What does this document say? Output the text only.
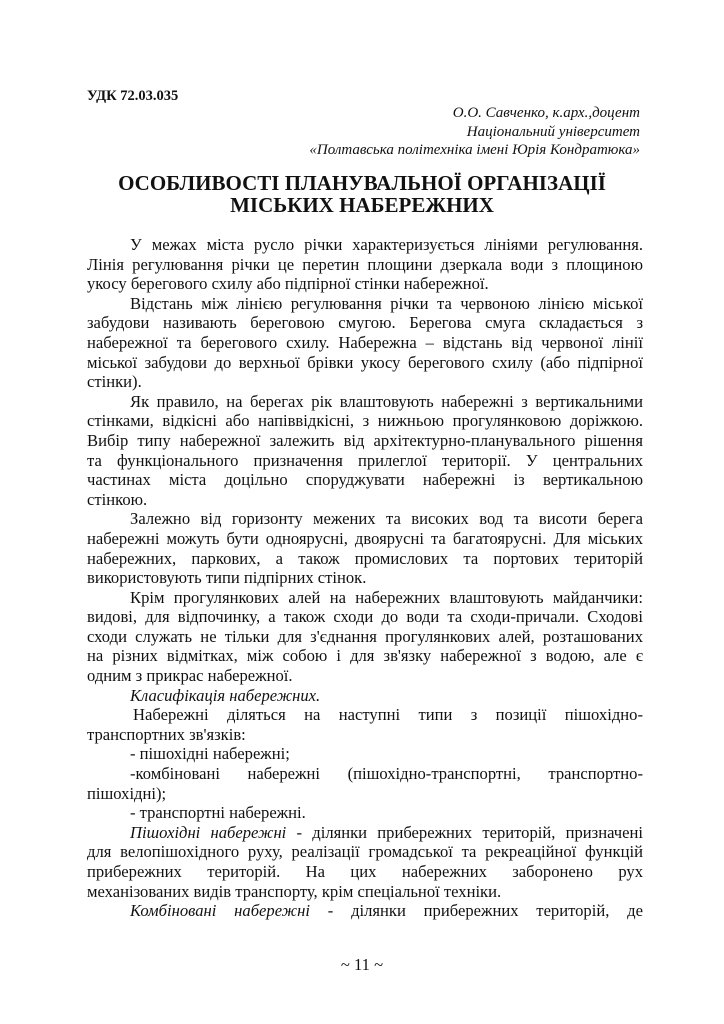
УДК 72.03.035
О.О. Савченко, к.арх.,доцент
Національний університет
«Полтавська політехніка імені Юрія Кондратюка»
ОСОБЛИВОСТІ ПЛАНУВАЛЬНОЇ ОРГАНІЗАЦІЇ
МІСЬКИХ НАБЕРЕЖНИХ
У межах міста русло річки характеризується лініями регулювання.
Лінія регулювання річки це перетин площини дзеркала води з площиною
укосу берегового схилу або підпірної стінки набережної.
Відстань між лінією регулювання річки та червоною лінією міської
забудови називають береговою смугою. Берегова смуга складається з
набережної та берегового схилу. Набережна – відстань від червоної лінії
міської забудови до верхньої брівки укосу берегового схилу (або підпірної
стінки).
Як правило, на берегах рік влаштовують набережні з вертикальними
стінками, відкісні або напіввідкісні, з нижньою прогулянковою доріжкою.
Вибір типу набережної залежить від архітектурно-планувального рішення
та функціонального призначення прилеглої території. У центральних
частинах міста доцільно споруджувати набережні із вертикальною
стінкою.
Залежно від горизонту межених та високих вод та висоти берега
набережні можуть бути одноярусні, двоярусні та багатоярусні. Для міських
набережних, паркових, а також промислових та портових територій
використовують типи підпірних стінок.
Крім прогулянкових алей на набережних влаштовують майданчики:
видові, для відпочинку, а також сходи до води та сходи-причали. Сходові
сходи служать не тільки для з'єднання прогулянкових алей, розташованих
на різних відмітках, між собою і для зв'язку набережної з водою, але є
одним з прикрас набережної.
Класифікація набережних.
Набережні діляться на наступні типи з позиції пішохідно-
транспортних зв'язків:
- пішохідні набережні;
-комбіновані набережні (пішохідно-транспортні, транспортно-
пішохідні);
- транспортні набережні.
Пішохідні набережні - ділянки прибережних територій, призначені
для велопішохідного руху, реалізації громадської та рекреаційної функцій
прибережних територій. На цих набережних заборонено рух
механізованих видів транспорту, крім спеціальної техніки.
Комбіновані набережні - ділянки прибережних територій, де
~ 11 ~
